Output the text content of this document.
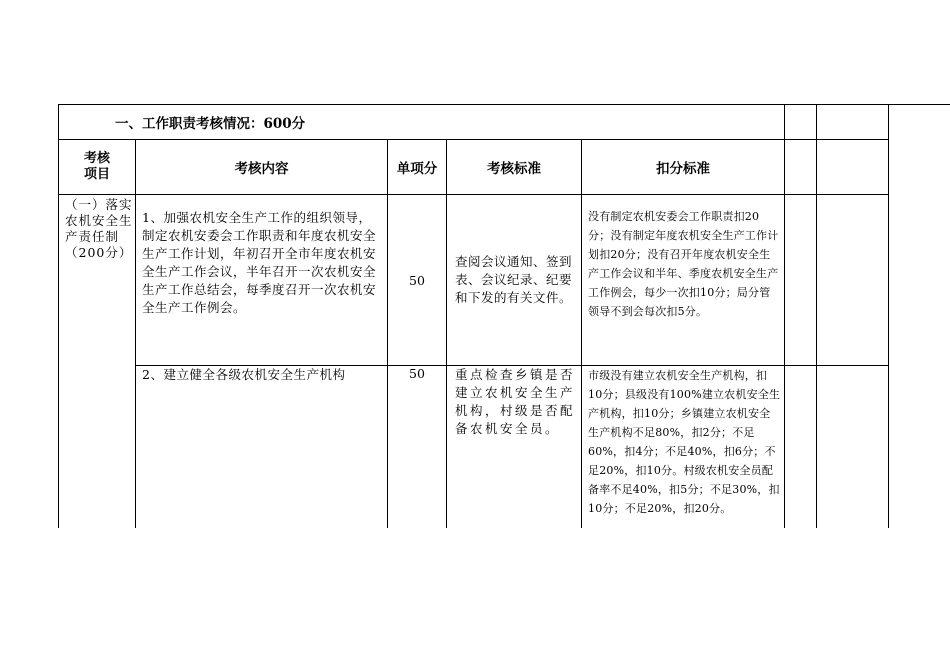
一、工作职责考核情况：600分						

考核
项目	考核内容	单项分	考核标准	扣分标准		
（一）落实农机安全生产责任制（200分）	1、加强农机安全生产工作的组织领导，制定农机安委会工作职责和年度农机安全生产工作计划，年初召开全市年度农机安全生产工作会议，半年召开一次农机安全生产工作总结会，每季度召开一次农机安全生产工作例会。	50	查阅会议通知、签到表、会议纪录、纪要和下发的有关文件。	没有制定农机安委会工作职责扣20分；没有制定年度农机安全生产工作计划扣20分；没有召开年度农机安全生产工作会议和半年、季度农机安全生产工作例会，每少一次扣10分；局分管领导不到会每次扣5分。		
	2、建立健全各级农机安全生产机构	50	重点检查乡镇是否建立农机安全生产机构，村级是否配备农机安全员。	市级没有建立农机安全生产机构，扣10分；县级没有100%建立农机安全生产机构，扣10分；乡镇建立农机安全生产机构不足80%，扣2分；不足60%，扣4分；不足40%，扣6分；不足20%，扣10分。村级农机安全员配备率不足40%，扣5分；不足30%，扣10分；不足20%，扣20分。		
